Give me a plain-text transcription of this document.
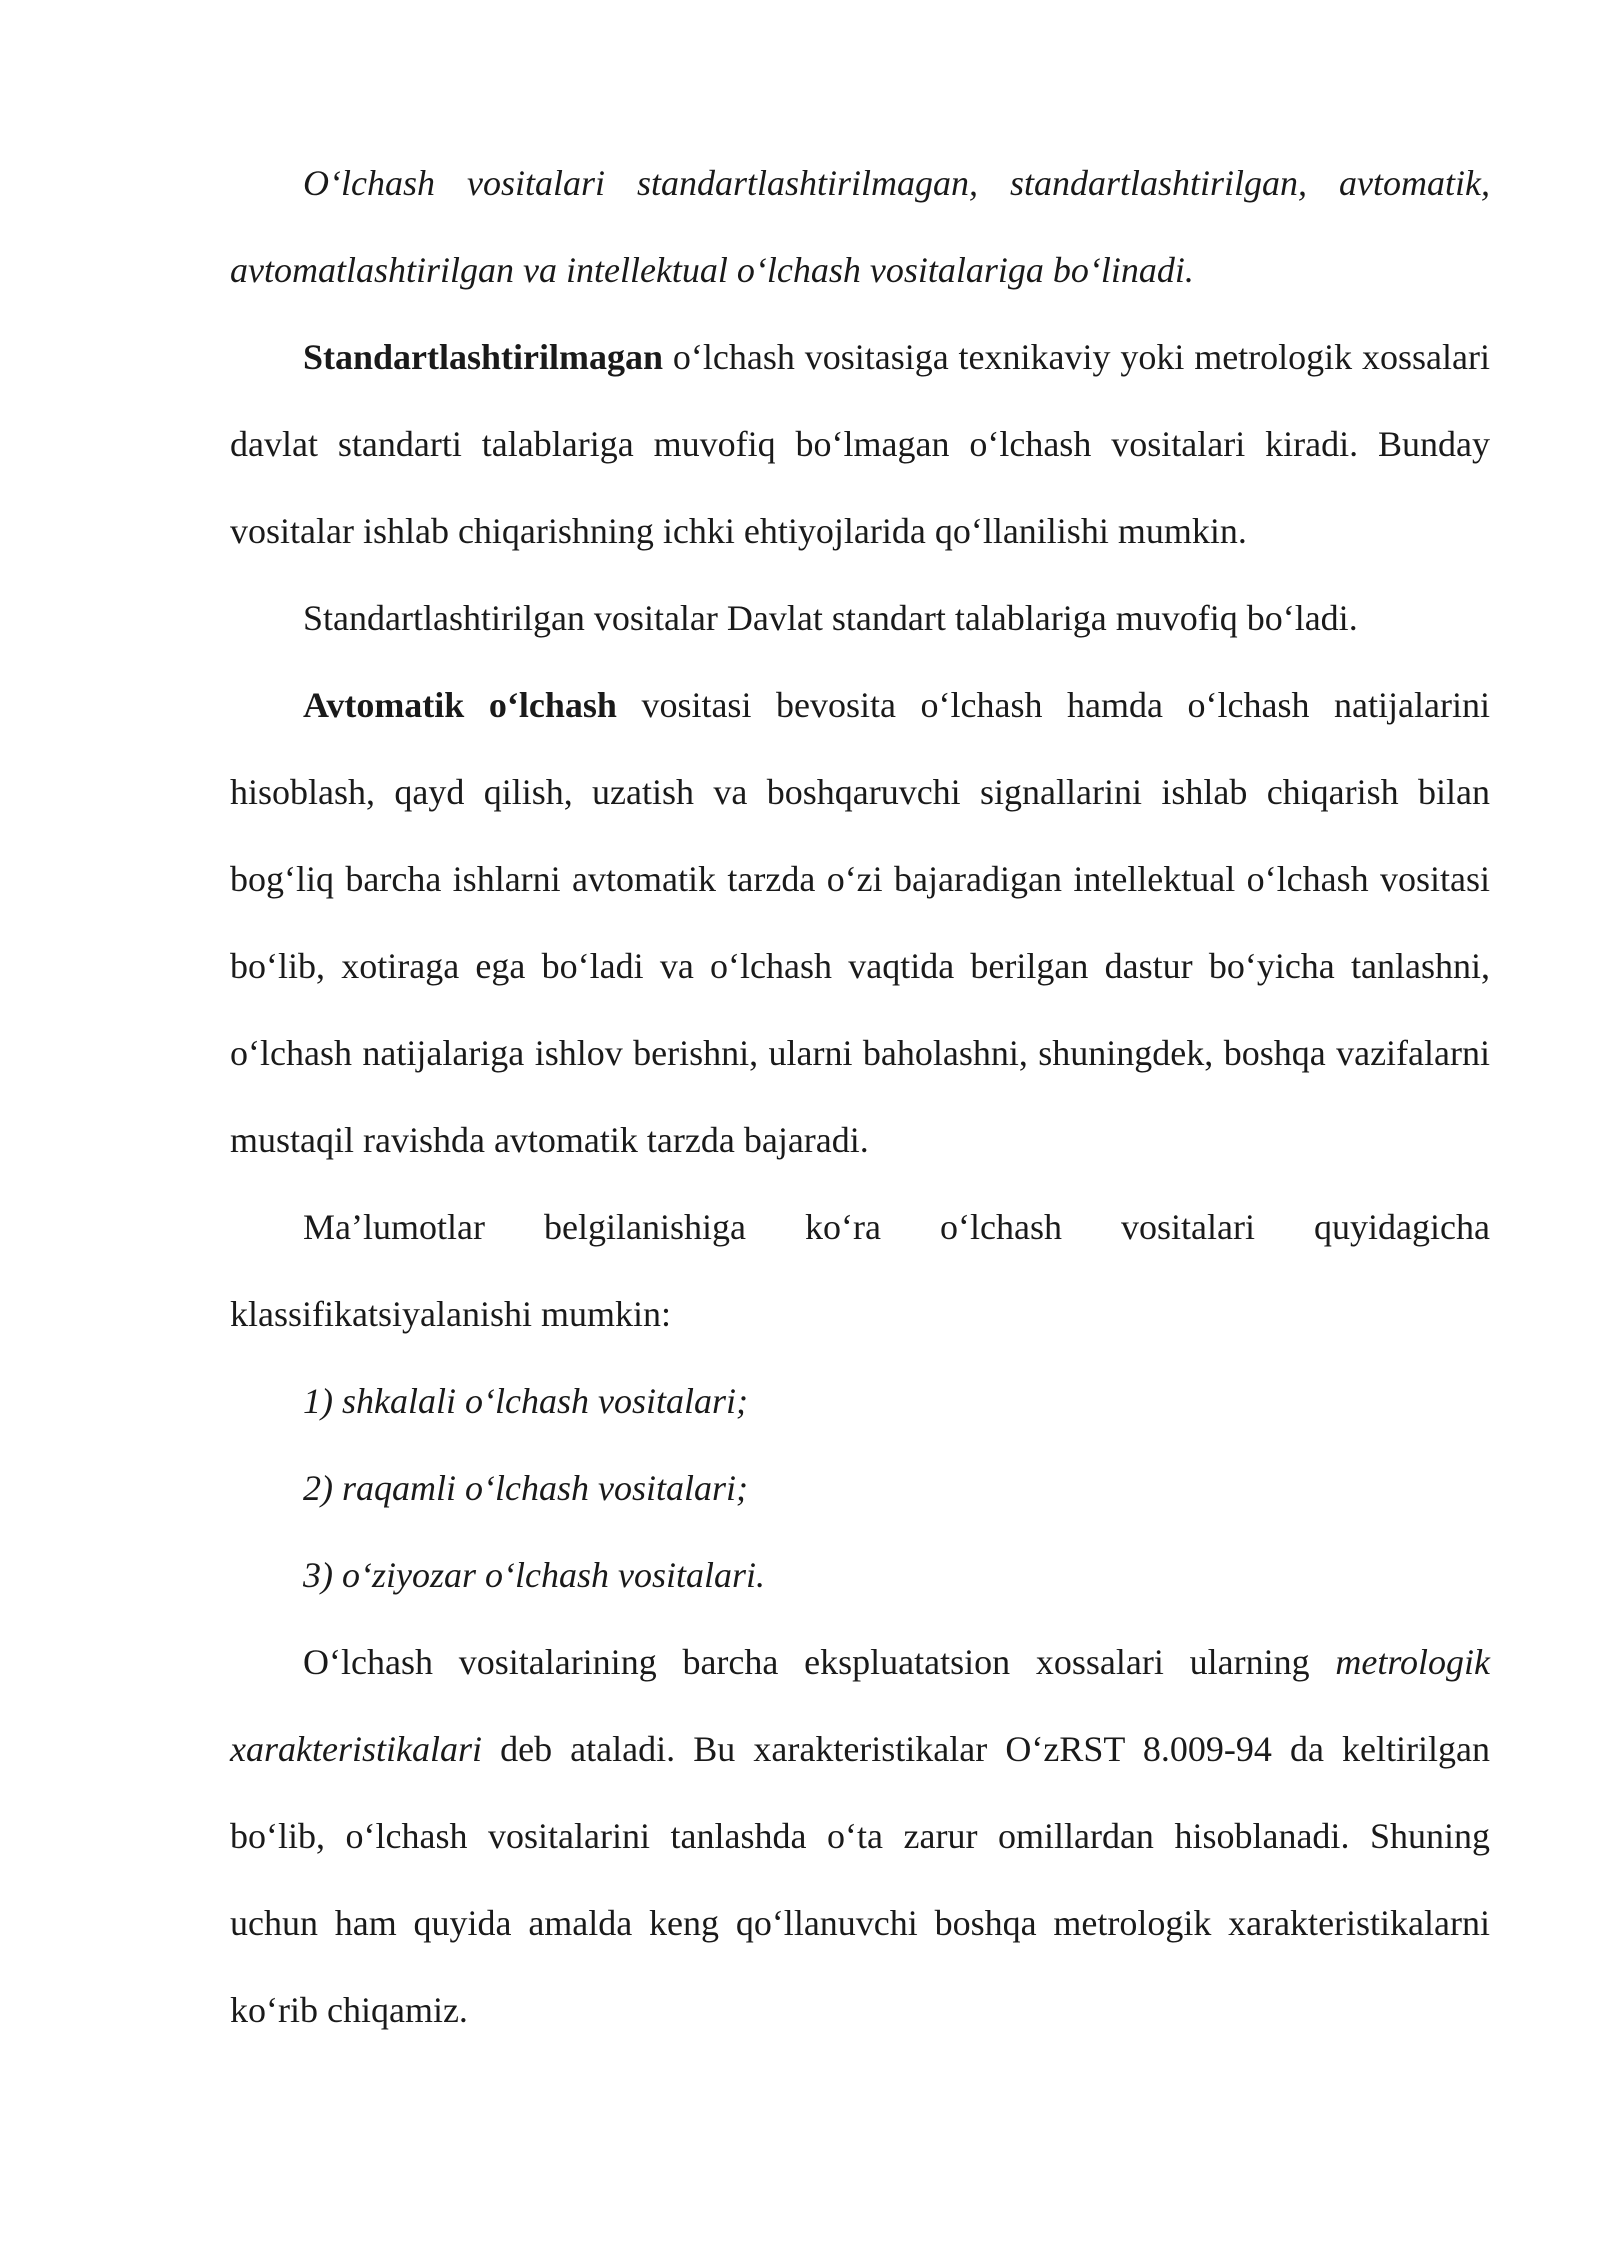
O‘lchash vositalari standartlashtirilmagan, standartlashtirilgan, avtomatik, avtomatlashtirilgan va intellektual o‘lchash vositalariga bo‘linadi.

Standartlashtirilmagan o‘lchash vositasiga texnikaviy yoki metrologik xossalari davlat standarti talablariga muvofiq bo‘lmagan o‘lchash vositalari kiradi. Bunday vositalar ishlab chiqarishning ichki ehtiyojlarida qo‘llanilishi mumkin.

Standartlashtirilgan vositalar Davlat standart talablariga muvofiq bo‘ladi.

Avtomatik o‘lchash vositasi bevosita o‘lchash hamda o‘lchash natijalarini hisoblash, qayd qilish, uzatish va boshqaruvchi signallarini ishlab chiqarish bilan bog‘liq barcha ishlarni avtomatik tarzda o‘zi bajaradigan intellektual o‘lchash vositasi bo‘lib, xotiraga ega bo‘ladi va o‘lchash vaqtida berilgan dastur bo‘yicha tanlashni, o‘lchash natijalariga ishlov berishni, ularni baholashni, shuningdek, boshqa vazifalarni mustaqil ravishda avtomatik tarzda bajaradi.

Ma’lumotlar belgilanishiga ko‘ra o‘lchash vositalari quyidagicha

klassifikatsiyalanishi mumkin:

1) shkalali o‘lchash vositalari;

2) raqamli o‘lchash vositalari;

3) o‘ziyozar o‘lchash vositalari.

O‘lchash vositalarining barcha ekspluatatsion xossalari ularning metrologik xarakteristikalari deb ataladi. Bu xarakteristikalar O‘zRST 8.009-94 da keltirilgan bo‘lib, o‘lchash vositalarini tanlashda o‘ta zarur omillardan hisoblanadi. Shuning uchun ham quyida amalda keng qo‘llanuvchi boshqa metrologik xarakteristikalarni ko‘rib chiqamiz.
